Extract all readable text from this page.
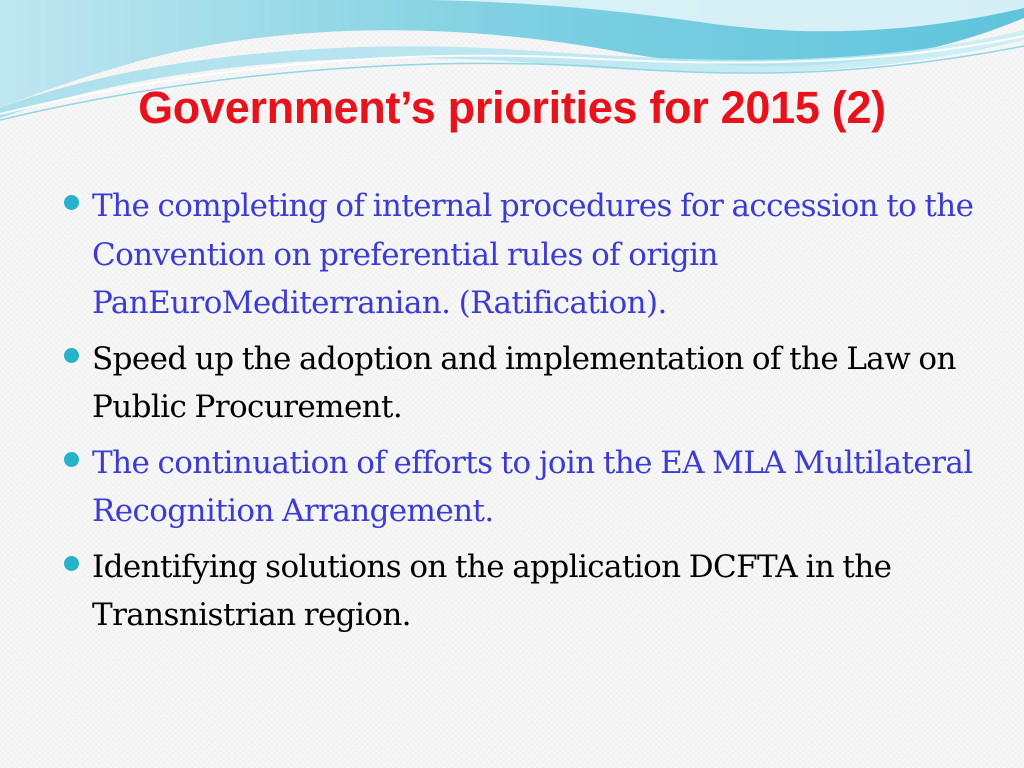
Government’s priorities for 2015 (2)
The completing of internal procedures for accession to the Convention on preferential rules of origin PanEuroMediterranian. (Ratification).
Speed up the adoption and implementation of the Law on Public Procurement.
The continuation of efforts to join the EA MLA Multilateral Recognition Arrangement.
Identifying solutions on the application DCFTA in the Transnistrian region.
